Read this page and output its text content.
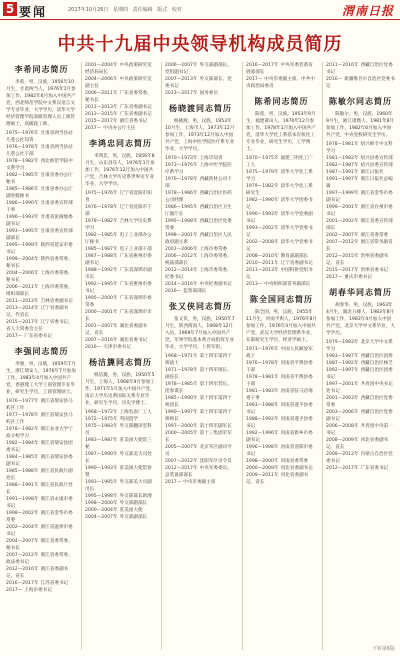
5 要闻	2017年10月26日 星期四 责任编辑 版式 校对	渭南日报
中共十九届中央领导机构成员简历
李希同志简历
李希，男，汉族，1956年10月生，甘肃两当人，1976年1月参加工作，1982年6月加入中国共产党，西北师范学院中文系汉语言文学专业毕业，大学学历，清华大学经济管理学院高级管理人员工商管理硕士，高级政工师。
1975—1976年 甘肃省两当县站儿巷公社知青
1976—1978年 甘肃省两当县站儿巷公社干部
1978—1982年 西北师范学院中文系学习
1982—1985年 甘肃省委办公厅秘书
1985—1986年 甘肃省委办公厅副处级秘书
1986—1990年 甘肃省委宣传部干事
1990—1993年 甘肃省张掖地委副书记
1993—1995年 甘肃省委宣传部副部长
1995—1999年 陕西省延安市委书记
1999—2004年 陕西省委常委、秘书长
2004—2006年 上海市委常委、秘书长
2006—2011年 上海市委常委、组织部部长
2011—2013年 吉林省委副书记
2013—2014年 辽宁省委副书记、代省长
2015—2017年 辽宁省委书记、省人大常委会主任
2017— 广东省委书记
李强同志简历
李强，男，汉族，1959年7月生，浙江瑞安人，1976年7月参加工作，1983年4月加入中国共产党，香港理工大学工商管理专业毕业，研究生学历，工商管理硕士。
1976—1977年 浙江省瑞安县马屿区工作
1977—1978年 浙江省瑞安县马屿区工作
1978—1982年 浙江农业大学宁波分校学习
1982—1984年 浙江省瑞安县团委书记
1984—1985年 浙江省瑞安县委副书记
1985—1988年 浙江省民政厅副处长
1988—1991年 浙江省民政厅处长
1991—1998年 浙江省永康市委书记
1998—2002年 浙江省金华市委常委
2002—2004年 浙江省温州市委书记
2004—2007年 浙江省委常委、秘书长
2007—2012年 浙江省委常委、政法委书记
2012—2016年 浙江省委副书记、省长
2016—2017年 江苏省委书记
2017— 上海市委书记
2001—2004年 中央政策研究室经济局局长
2004—2006年 中央政策研究室副主任
2006—2011年 广东省委常委、秘书长
2011—2013年 广东省委副书记
2013—2015年 广东省委副书记
2015—2017年 浙江省委书记
2017— 中央办公厅主任
李鸿忠同志简历
李鸿忠，男，汉族，1956年8月生，山东昌乐人，1976年1月参加工作，1976年12月加入中国共产党，吉林大学历史系世界史专业毕业，大学学历。
1975—1976年 辽宁省沈阳市知青
1976—1978年 辽宁省沈阳市干部
1978—1982年 吉林大学历史系学习
1982—1985年 电子工业部办公厅秘书
1985—1987年 电子工业部干部
1987—1988年 广东省惠州市委副书记
1988—1992年 广东省深圳市副市长
1992—1995年 广东省惠州市委书记
1995—2000年 广东省深圳市委常委
2000—2001年 广东省深圳市市长
2001—2007年 湖北省委副书记、省长
2007—2016年 湖北省委书记
2016— 天津市委书记
杨洁篪同志简历
杨洁篪，男，汉族，1950年5月生，上海人，1968年9月参加工作，1971年1月加入中国共产党，南京大学历史系国际关系专业毕业，研究生学历，历史学博士。
1968—1972年 上海电表厂工人
1972—1975年 英国留学
1975—1983年 外交部翻译室科员
1983—1987年 驻美国大使馆三秘
1987—1990年 外交部美大司处长
1990—1993年 驻美国大使馆参赞
1993—1995年 外交部美大司副司长
1995—1998年 外交部部长助理
1998—2000年 外交部副部长
2000—2004年 驻美国大使
2004—2007年 外交部副部长
2006—2007年 外交部副部长、党组副书记
2007—2013年 外交部部长、党委书记
2013—2017年 国务委员
杨晓渡同志简历
杨晓渡，男，汉族，1953年10月生，上海市人，1973年12月参加工作，1973年12月加入中国共产党，上海中医学院医疗系专业毕业，大学学历。
1970—1973年 上海市知青
1973—1976年 上海中医学院医疗系学习
1976—1978年 西藏药材公司干部
1978—1986年 西藏自治区医药公司经理
1986—1995年 西藏自治区卫生厅副厅长
1995—1998年 西藏自治区党委常委
1998—2001年 西藏自治区人民政府副主席
2001—2006年 上海市委常委
2006—2012年 上海市委常委、统战部部长
2012—2014年 上海市委常委、纪委书记
2014—2016年 中央纪委副书记
2016— 监察部部长
张又侠同志简历
张又侠，男，汉族，1950年7月生，陕西渭南人，1968年12月入伍，1969年7月加入中国共产党，军事学院基本系合成指挥专业毕业，大学学历，上将军衔。
1968—1971年 第十四军第四十师战士
1971—1978年 第十四军排长、副连长
1978—1985年 第十四军营长、团参谋长
1985—1990年 第十四军第四十师团长
1990—1997年 第十四军第四十师师长
1997—2000年 第十四军副军长
2000—2005年 第十三集团军军长
2005—2007年 北京军区副司令员
2007—2012年 沈阳军区司令员
2012—2017年 中央军委委员、总装备部部长
2017— 中央军委副主席
2016—2017年 中央军委装备发展部部长
2017— 中央军委副主席、中共中央政治局委员
陈希同志简历
陈希，男，汉族，1953年9月生，福建莆田人，1970年12月参加工作，1978年1月加入中国共产党，清华大学化工系基本有机化工专业毕业，研究生学历，工学博士。
1970—1975年 福建三明化工厂工人
1975—1979年 清华大学化工系学习
1979—1982年 清华大学化工系研究生
1982—1990年 清华大学团委书记
1990—1993年 清华大学党委副书记
1993—2002年 清华大学党委书记
2002—2008年 清华大学党委书记
2008—2010年 教育部副部长
2010—2011年 辽宁省委副书记
2011—2013年 中国科协党组书记
2013— 中央组织部常务副部长
陈全国同志简历
陈全国，男，汉族，1955年11月生，河南平舆人，1976年8月参加工作，1976年4月加入中国共产党，武汉大学经济管理系毕业，在职研究生学历，经济学硕士。
1973—1976年 中国人民解放军战士
1976—1978年 河南省平舆县委干部
1978—1981年 河南省平舆县委干部
1981—1983年 河南省驻马店地委干事
1983—1988年 河南省遂平县委书记
1988—1992年 河南省遂平县委书记
1992—1996年 河南省新乡市委副书记
1996—1998年 河南省洛阳市委书记
1998—2000年 河南省委常委
2000—2009年 河北省委副书记
2009—2011年 河北省委副书记、省长
2011—2016年 西藏自治区党委书记
2016— 新疆维吾尔自治区党委书记
陈敏尔同志简历
陈敏尔，男，汉族，1960年9月生，浙江诸暨人，1981年8月参加工作，1982年6月加入中国共产党，中央党校研究生学历。
1978—1981年 绍兴师专中文科学习
1981—1982年 绍兴县委宣传部
1982—1987年 绍兴县委宣传部
1987—1991年 浙江日报社
1991—1997年 浙江日报社总编辑
1997—1999年 浙江省金华市委副书记
1999—2001年 浙江省台州市委书记
2001—2002年 浙江省委宣传部部长
2002—2007年 浙江省委常委
2007—2012年 浙江省常务副省长
2012—2015年 贵州省委副书记、省长
2015—2017年 贵州省委书记
2017— 重庆市委书记
胡春华同志简历
胡春华，男，汉族，1963年4月生，湖北五峰人，1983年8月参加工作，1983年4月加入中国共产党，北京大学中文系毕业，大学学历。
1979—1983年 北京大学中文系学习
1983—1987年 西藏自治区团委
1987—1992年 西藏自治区林芝
1992—1997年 西藏自治区团委书记
1997—2001年 共青团中央书记处书记
2001—2003年 西藏自治区党委常委
2003—2006年 西藏自治区党委副书记
2006—2008年 共青团中央第一书记
2008—2009年 河北省委副书记、省长
2009—2012年 内蒙古自治区党委书记
2012—2017年 广东省委书记
下转第6版
